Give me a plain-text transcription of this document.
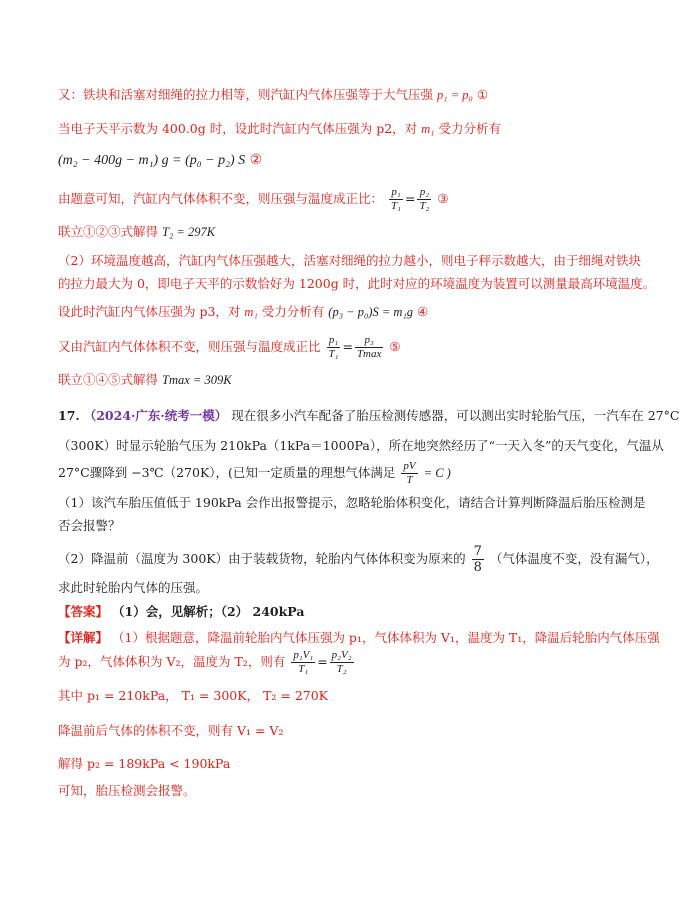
又：铁块和活塞对细绳的拉力相等，则汽缸内气体压强等于大气压强 p₁ = p₀ ①
当电子天平示数为 400.0g 时，设此时汽缸内气体压强为 p2，对 m₁ 受力分析有
(m₂ − 400g − m₁) g = (p₀ − p₂) S ②
由题意可知，汽缸内气体体积不变，则压强与温度成正比： $\frac{\text{p₁}}{\text{T₁}} = \frac{\text{p₂}}{\text{T₂}}$ ③
联立①②③式解得 T₂ = 297K
（2）环境温度越高，汽缸内气体压强越大，活塞对细绳的拉力越小，则电子秤示数越大，由于细绳对铁块
的拉力最大为 0，即电子天平的示数恰好为 1200g 时，此时对应的环境温度为装置可以测量最高环境温度。
设此时汽缸内气体压强为 p3，对 m₁ 受力分析有 (p₃ − p₀)S = m₁g ④
又由汽缸内气体体积不变，则压强与温度成正比 $\frac{\text{p₁}}{\text{T₁}} = \frac{\text{p₃}}{Tmax}$ ⑤
联立①④⑤式解得 Tmax = 309K
17. （2024·广东·统考一模） 现在很多小汽车配备了胎压检测传感器，可以测出实时轮胎气压，一汽车在 27°C
（300K）时显示轮胎气压为 210kPa（1kPa＝1000Pa），所在地突然经历了“一天入冬”的天气变化，气温从
27°C骤降到 −3℃（270K），(已知一定质量的理想气体满足 $\frac{pV}{T} = C$ )
（1）该汽车胎压值低于 190kPa 会作出报警提示，忽略轮胎体积变化，请结合计算判断降温后胎压检测是
否会报警？
（2）降温前（温度为 300K）由于装载货物，轮胎内气体体积变为原来的 $\frac{7}{8}$ （气体温度不变，没有漏气），
求此时轮胎内气体的压强。
【答案】 （1）会，见解析；（2） 240kPa
【详解】 （1）根据题意，降温前轮胎内气体压强为 p₁，气体体积为 V₁，温度为 T₁，降温后轮胎内气体压强
为 p₂，气体体积为 V₂，温度为 T₂，则有 $\frac{\text{p₁V₁}}{\text{T₁}} = \frac{\text{p₂V₂}}{\text{T₂}}$
其中 p₁ = 210kPa， T₁ = 300K， T₂ = 270K
降温前后气体的体积不变，则有 V₁ = V₂
解得 p₂ = 189kPa < 190kPa
可知，胎压检测会报警。
